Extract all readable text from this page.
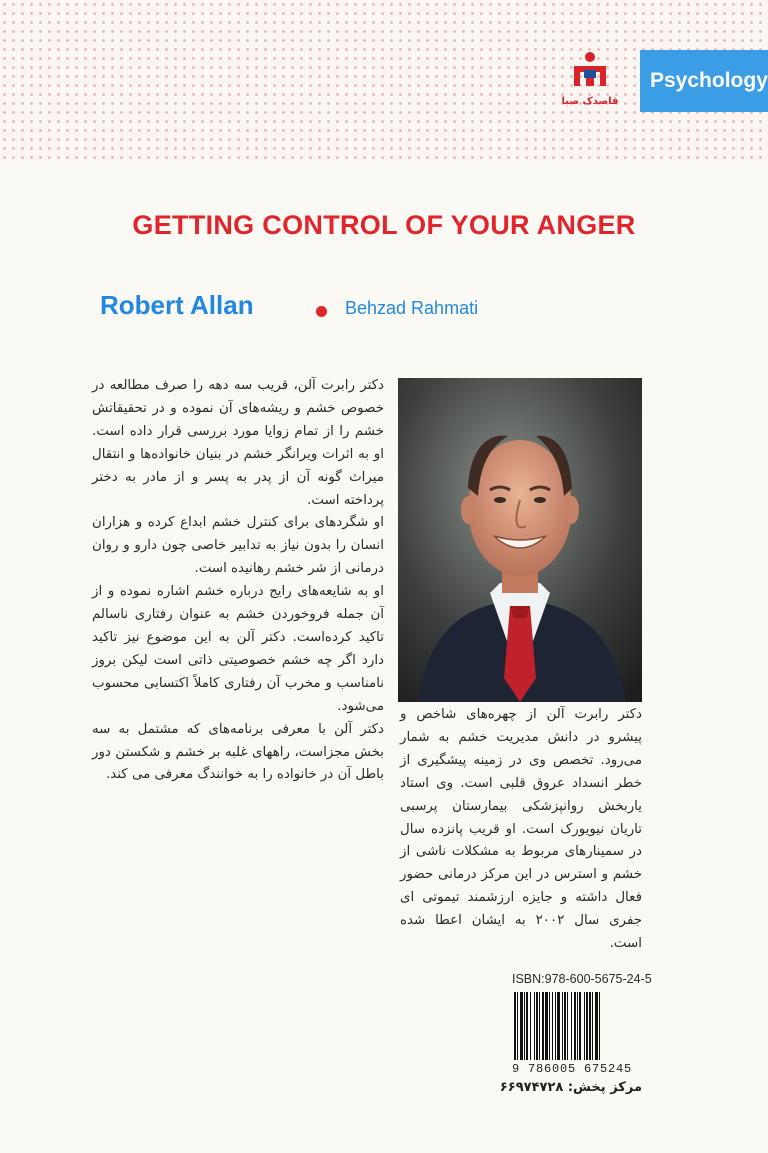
قاصدک صبا
Psychology
GETTING CONTROL OF YOUR ANGER
Robert Allan	Behzad Rahmati

دکتر رابرت آلن، قریب سه دهه را صرف مطالعه در خصوص خشم و ریشه‌های آن نموده و در تحقیقاتش خشم را از تمام زوایا مورد بررسی قرار داده است. او به اثرات ویرانگر خشم در بنیان خانواده‌ها و انتقال میراث گونه آن از پدر به پسر و از مادر به دختر پرداخته است.

او شگردهای برای کنترل خشم ابداع کرده و هزاران انسان را بدون نیاز به تدابیر خاصی چون دارو و روان درمانی از شر خشم رهانیده است.

او به شایعه‌های رایج درباره خشم اشاره نموده و از آن جمله فروخوردن خشم به عنوان رفتاری ناسالم تاکید کرده‌است. دکتر آلن به این موضوع نیز تاکید دارد اگر چه خشم خصوصیتی ذاتی است لیکن بروز نامناسب و مخرب آن رفتاری کاملاً اکتسابی محسوب می‌شود.

دکتر آلن با معرفی برنامه‌های که مشتمل به سه بخش مجزاست، راههای غلبه بر خشم و شکستن دور باطل آن در خانواده را به خوانندگ معرفی می کند.

دکتر رابرت آلن از چهره‌های شاخص و پیشرو در دانش مدیریت خشم به شمار می‌رود. تخصص وی در زمینه پیشگیری از خطر انسداد عروق قلبی است. وی استاد یاربخش روانپزشکی بیمارستان پرسبی تاریان نیویورک است. او قریب پانزده سال در سمینارهای مربوط به مشکلات ناشی از خشم و استرس در این مرکز درمانی حضور فعال داشته و جایزه ارزشمند تیموتی ای جفری سال ۲۰۰۲ به ایشان اعطا شده است.
ISBN:978-600-5675-24-5
9 786005 675245
مرکز پخش: ۶۶۹۷۴۷۲۸
